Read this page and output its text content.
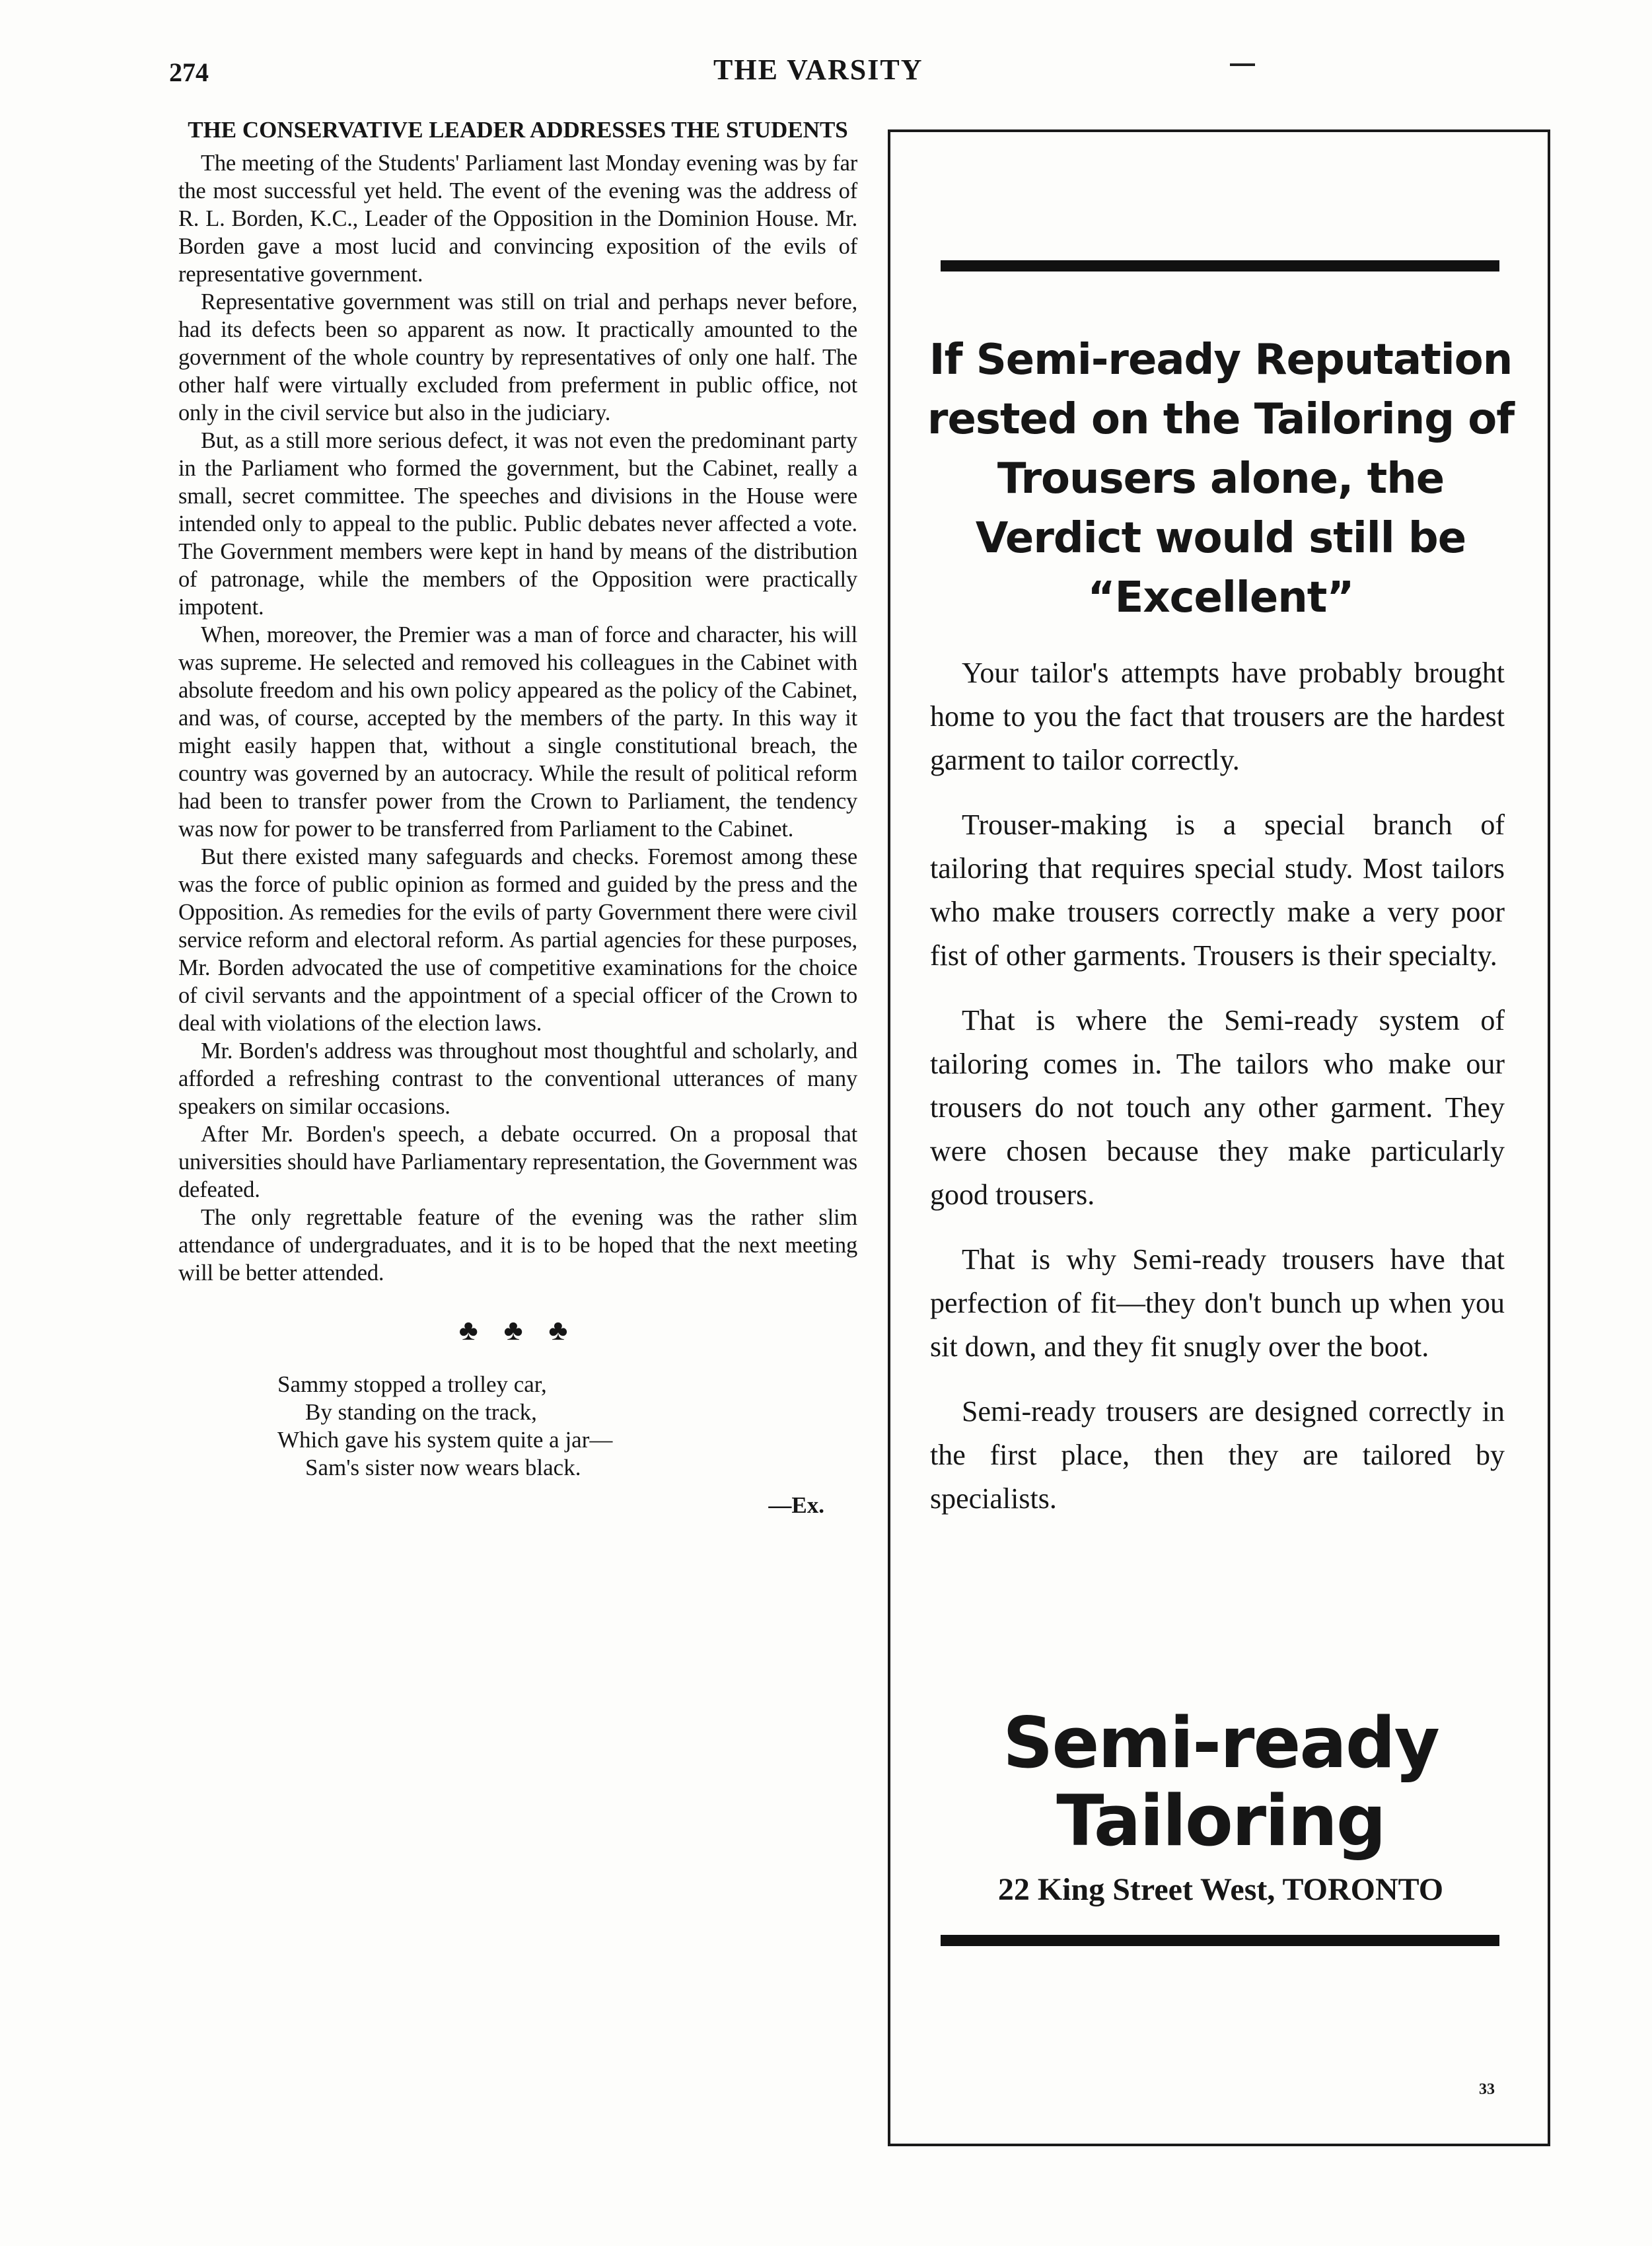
274	THE VARSITY
THE CONSERVATIVE LEADER ADDRESSES THE STUDENTS

The meeting of the Students' Parliament last Monday evening was by far the most successful yet held. The event of the evening was the address of R. L. Borden, K.C., Leader of the Opposition in the Dominion House. Mr. Borden gave a most lucid and convincing exposition of the evils of representative government.

Representative government was still on trial and perhaps never before, had its defects been so apparent as now. It practically amounted to the government of the whole country by representatives of only one half. The other half were virtually excluded from preferment in public office, not only in the civil service but also in the judiciary.

But, as a still more serious defect, it was not even the predominant party in the Parliament who formed the government, but the Cabinet, really a small, secret committee. The speeches and divisions in the House were intended only to appeal to the public. Public debates never affected a vote. The Government members were kept in hand by means of the distribution of patronage, while the members of the Opposition were practically impotent.

When, moreover, the Premier was a man of force and character, his will was supreme. He selected and removed his colleagues in the Cabinet with absolute freedom and his own policy appeared as the policy of the Cabinet, and was, of course, accepted by the members of the party. In this way it might easily happen that, without a single constitutional breach, the country was governed by an autocracy. While the result of political reform had been to transfer power from the Crown to Parliament, the tendency was now for power to be transferred from Parliament to the Cabinet.

But there existed many safeguards and checks. Foremost among these was the force of public opinion as formed and guided by the press and the Opposition. As remedies for the evils of party Government there were civil service reform and electoral reform. As partial agencies for these purposes, Mr. Borden advocated the use of competitive examinations for the choice of civil servants and the appointment of a special officer of the Crown to deal with violations of the election laws.

Mr. Borden's address was throughout most thoughtful and scholarly, and afforded a refreshing contrast to the conventional utterances of many speakers on similar occasions.

After Mr. Borden's speech, a debate occurred. On a proposal that universities should have Parliamentary representation, the Government was defeated.

The only regrettable feature of the evening was the rather slim attendance of undergraduates, and it is to be hoped that the next meeting will be better attended.

♣ ♣ ♣
Sammy stopped a trolley car,
By standing on the track,
Which gave his system quite a jar—
Sam's sister now wears black.
—Ex.
If Semi-ready Reputation rested on the Tailoring of Trousers alone, the Verdict would still be “Excellent”

Your tailor's attempts have probably brought home to you the fact that trousers are the hardest garment to tailor correctly.

Trouser-making is a special branch of tailoring that requires special study. Most tailors who make trousers correctly make a very poor fist of other garments. Trousers is their specialty.

That is where the Semi-ready system of tailoring comes in. The tailors who make our trousers do not touch any other garment. They were chosen because they make particularly good trousers.

That is why Semi-ready trousers have that perfection of fit—they don't bunch up when you sit down, and they fit snugly over the boot.

Semi-ready trousers are designed correctly in the first place, then they are tailored by specialists.

Semi-ready
Tailoring
22 King Street West, TORONTO
33
